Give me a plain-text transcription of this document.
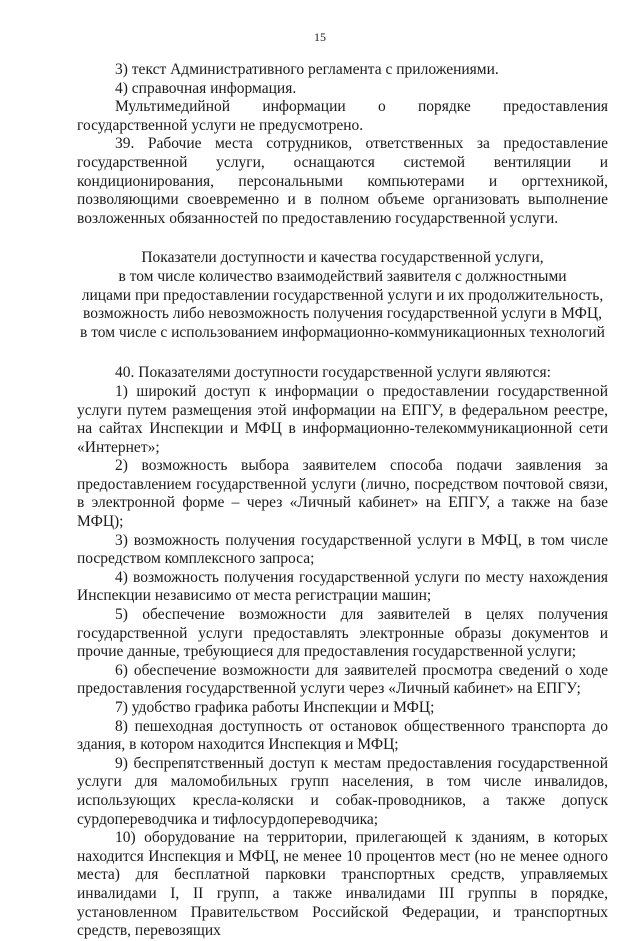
15

3) текст Административного регламента с приложениями.

4) справочная информация.

Мультимедийной информации о порядке предоставления государственной услуги не предусмотрено.

39. Рабочие места сотрудников, ответственных за предоставление государственной услуги, оснащаются системой вентиляции и кондиционирования, персональными компьютерами и оргтехникой, позволяющими своевременно и в полном объеме организовать выполнение возложенных обязанностей по предоставлению государственной услуги.

Показатели доступности и качества государственной услуги,
в том числе количество взаимодействий заявителя с должностными
лицами при предоставлении государственной услуги и их продолжительность,
возможность либо невозможность получения государственной услуги в МФЦ,
в том числе с использованием информационно-коммуникационных технологий

40. Показателями доступности государственной услуги являются:

1) широкий доступ к информации о предоставлении государственной услуги путем размещения этой информации на ЕПГУ, в федеральном реестре, на сайтах Инспекции и МФЦ в информационно-телекоммуникационной сети «Интернет»;

2) возможность выбора заявителем способа подачи заявления за предоставлением государственной услуги (лично, посредством почтовой связи, в электронной форме – через «Личный кабинет» на ЕПГУ, а также на базе МФЦ);

3) возможность получения государственной услуги в МФЦ, в том числе посредством комплексного запроса;

4) возможность получения государственной услуги по месту нахождения Инспекции независимо от места регистрации машин;

5) обеспечение возможности для заявителей в целях получения государственной услуги предоставлять электронные образы документов и прочие данные, требующиеся для предоставления государственной услуги;

6) обеспечение возможности для заявителей просмотра сведений о ходе предоставления государственной услуги через «Личный кабинет» на ЕПГУ;

7) удобство графика работы Инспекции и МФЦ;

8) пешеходная доступность от остановок общественного транспорта до здания, в котором находится Инспекция и МФЦ;

9) беспрепятственный доступ к местам предоставления государственной услуги для маломобильных групп населения, в том числе инвалидов, использующих кресла-коляски и собак-проводников, а также допуск сурдопереводчика и тифлосурдопереводчика;

10) оборудование на территории, прилегающей к зданиям, в которых находится Инспекция и МФЦ, не менее 10 процентов мест (но не менее одного места) для бесплатной парковки транспортных средств, управляемых инвалидами I, II групп, а также инвалидами III группы в порядке, установленном Правительством Российской Федерации, и транспортных средств, перевозящих
